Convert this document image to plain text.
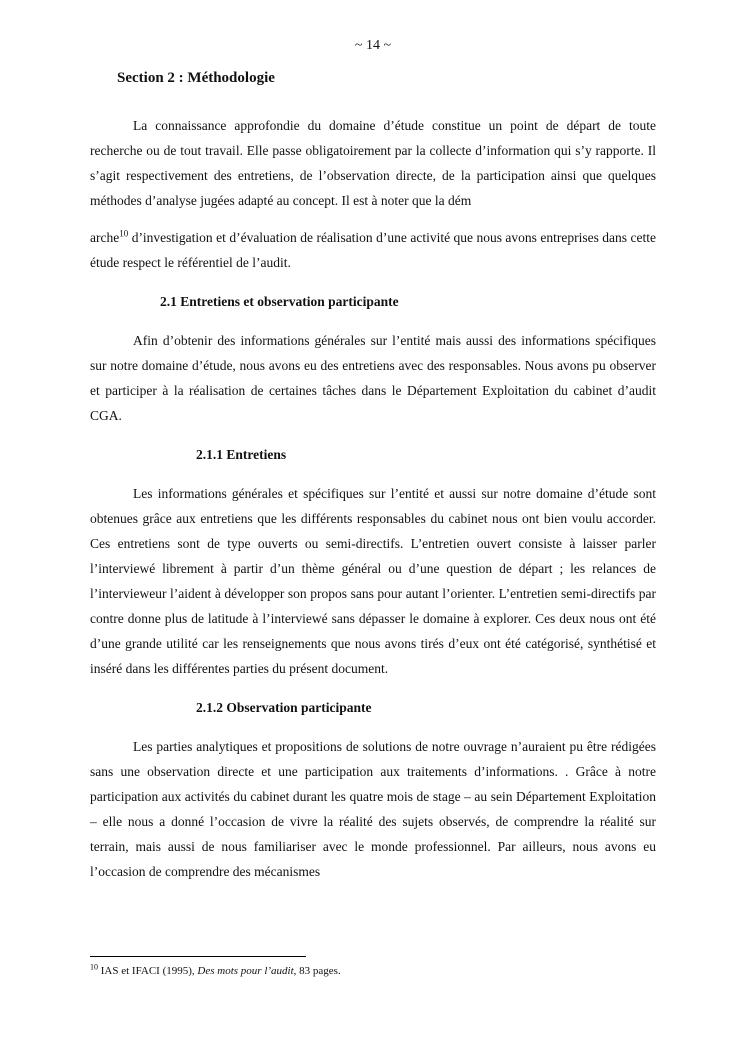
~ 14 ~
Section 2 : Méthodologie

La connaissance approfondie du domaine d’étude constitue un point de départ de toute recherche ou de tout travail. Elle passe obligatoirement par la collecte d’information qui s’y rapporte. Il s’agit respectivement des entretiens, de l’observation directe, de la participation ainsi que quelques méthodes d’analyse jugées adapté au concept. Il est à noter que la dém

arche$^{10}$ d’investigation et d’évaluation de réalisation d’une activité que nous avons entreprises dans cette étude respect le référentiel de l’audit.

2.1 Entretiens et observation participante

Afin d’obtenir des informations générales sur l’entité mais aussi des informations spécifiques sur notre domaine d’étude, nous avons eu des entretiens avec des responsables. Nous avons pu observer et participer à la réalisation de certaines tâches dans le Département Exploitation du cabinet d’audit CGA.

2.1.1 Entretiens

Les informations générales et spécifiques sur l’entité et aussi sur notre domaine d’étude sont obtenues grâce aux entretiens que les différents responsables du cabinet nous ont bien voulu accorder. Ces entretiens sont de type ouverts ou semi-directifs. L’entretien ouvert consiste à laisser parler l’interviewé librement à partir d’un thème général ou d’une question de départ ; les relances de l’intervieweur l’aident à développer son propos sans pour autant l’orienter. L’entretien semi-directifs par contre donne plus de latitude à l’interviewé sans dépasser le domaine à explorer. Ces deux nous ont été d’une grande utilité car les renseignements que nous avons tirés d’eux ont été catégorisé, synthétisé et inséré dans les différentes parties du présent document.

2.1.2 Observation participante

Les parties analytiques et propositions de solutions de notre ouvrage n’auraient pu être rédigées sans une observation directe et une participation aux traitements d’informations. . Grâce à notre participation aux activités du cabinet durant les quatre mois de stage – au sein Département Exploitation – elle nous a donné l’occasion de vivre la réalité des sujets observés, de comprendre la réalité sur terrain, mais aussi de nous familiariser avec le monde professionnel. Par ailleurs, nous avons eu l’occasion de comprendre des mécanismes

$^{10}$ IAS et IFACI (1995), Des mots pour l’audit, 83 pages.
